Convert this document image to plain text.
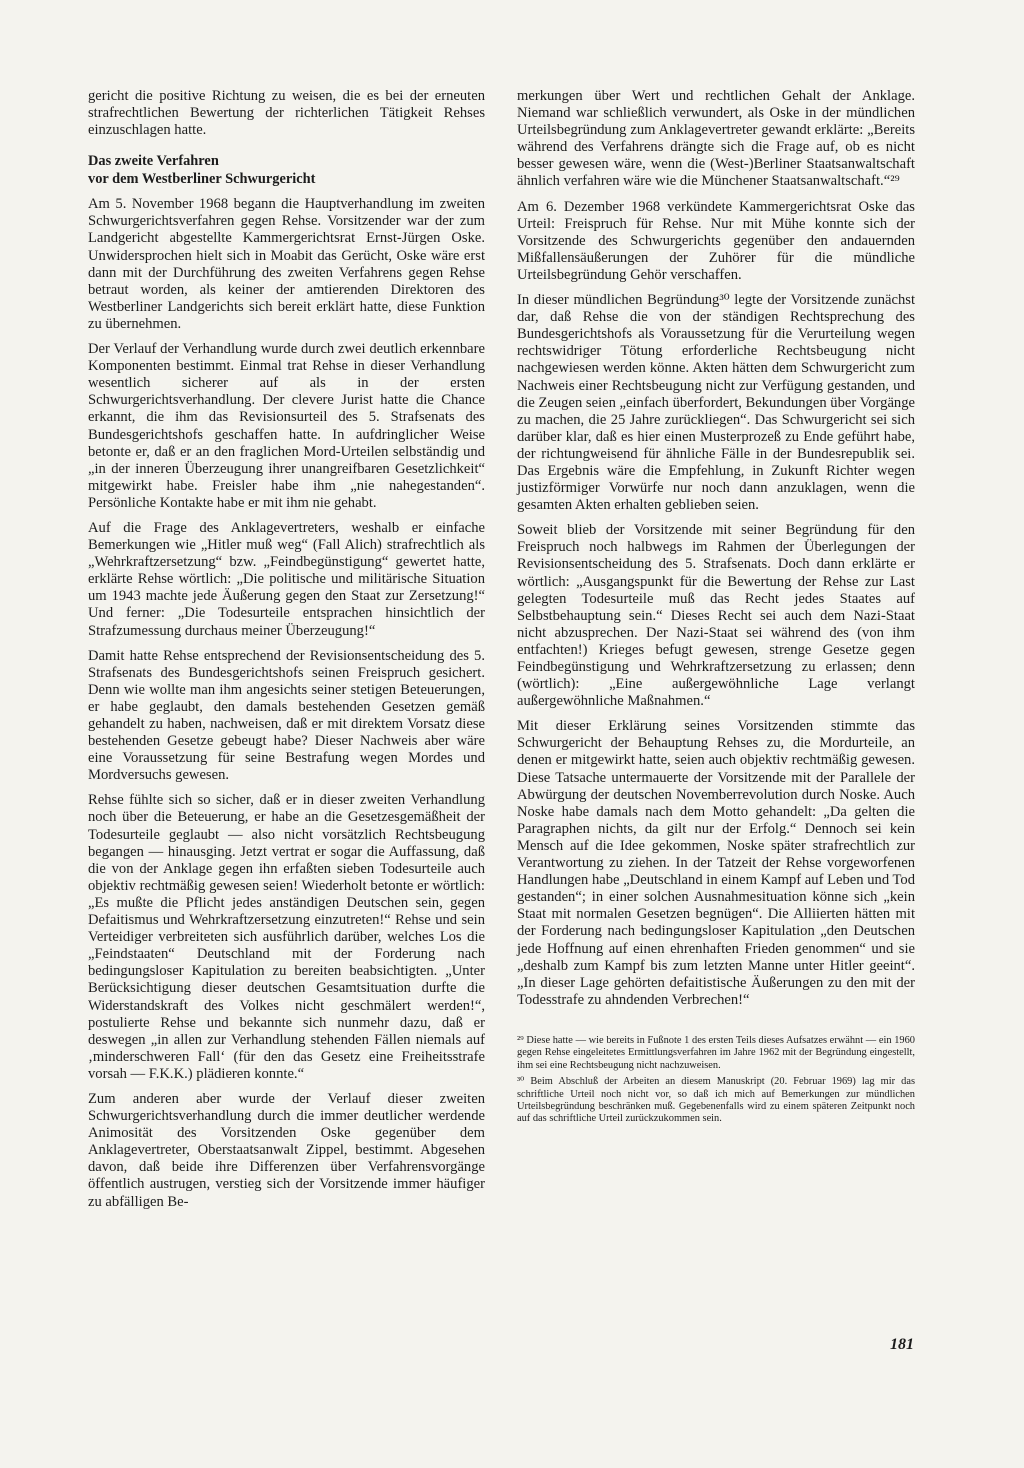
gericht die positive Richtung zu weisen, die es bei der erneuten strafrechtlichen Bewertung der richterlichen Tätigkeit Rehses einzuschlagen hatte.

Das zweite Verfahren
vor dem Westberliner Schwurgericht

Am 5. November 1968 begann die Hauptverhandlung im zweiten Schwurgerichtsverfahren gegen Rehse. Vorsitzender war der zum Landgericht abgestellte Kammergerichtsrat Ernst-Jürgen Oske. Unwidersprochen hielt sich in Moabit das Gerücht, Oske wäre erst dann mit der Durchführung des zweiten Verfahrens gegen Rehse betraut worden, als keiner der amtierenden Direktoren des Westberliner Landgerichts sich bereit erklärt hatte, diese Funktion zu übernehmen.

Der Verlauf der Verhandlung wurde durch zwei deutlich erkennbare Komponenten bestimmt. Einmal trat Rehse in dieser Verhandlung wesentlich sicherer auf als in der ersten Schwurgerichtsverhandlung. Der clevere Jurist hatte die Chance erkannt, die ihm das Revisionsurteil des 5. Strafsenats des Bundesgerichtshofs geschaffen hatte. In aufdringlicher Weise betonte er, daß er an den fraglichen Mord-Urteilen selbständig und „in der inneren Überzeugung ihrer unangreifbaren Gesetzlichkeit“ mitgewirkt habe. Freisler habe ihm „nie nahegestanden“. Persönliche Kontakte habe er mit ihm nie gehabt.

Auf die Frage des Anklagevertreters, weshalb er einfache Bemerkungen wie „Hitler muß weg“ (Fall Alich) strafrechtlich als „Wehrkraftzersetzung“ bzw. „Feindbegünstigung“ gewertet hatte, erklärte Rehse wörtlich: „Die politische und militärische Situation um 1943 machte jede Äußerung gegen den Staat zur Zersetzung!“ Und ferner: „Die Todesurteile entsprachen hinsichtlich der Strafzumessung durchaus meiner Überzeugung!“

Damit hatte Rehse entsprechend der Revisionsentscheidung des 5. Strafsenats des Bundesgerichtshofs seinen Freispruch gesichert. Denn wie wollte man ihm angesichts seiner stetigen Beteuerungen, er habe geglaubt, den damals bestehenden Gesetzen gemäß gehandelt zu haben, nachweisen, daß er mit direktem Vorsatz diese bestehenden Gesetze gebeugt habe? Dieser Nachweis aber wäre eine Voraussetzung für seine Bestrafung wegen Mordes und Mordversuchs gewesen.

Rehse fühlte sich so sicher, daß er in dieser zweiten Verhandlung noch über die Beteuerung, er habe an die Gesetzesgemäßheit der Todesurteile geglaubt — also nicht vorsätzlich Rechtsbeugung begangen — hinausging. Jetzt vertrat er sogar die Auffassung, daß die von der Anklage gegen ihn erfaßten sieben Todesurteile auch objektiv rechtmäßig gewesen seien! Wiederholt betonte er wörtlich: „Es mußte die Pflicht jedes anständigen Deutschen sein, gegen Defaitismus und Wehrkraftzersetzung einzutreten!“ Rehse und sein Verteidiger verbreiteten sich ausführlich darüber, welches Los die „Feindstaaten“ Deutschland mit der Forderung nach bedingungsloser Kapitulation zu bereiten beabsichtigten. „Unter Berücksichtigung dieser deutschen Gesamtsituation durfte die Widerstandskraft des Volkes nicht geschmälert werden!“, postulierte Rehse und bekannte sich nunmehr dazu, daß er deswegen „in allen zur Verhandlung stehenden Fällen niemals auf ‚minderschweren Fall‘ (für den das Gesetz eine Freiheitsstrafe vorsah — F.K.K.) plädieren konnte.“

Zum anderen aber wurde der Verlauf dieser zweiten Schwurgerichtsverhandlung durch die immer deutlicher werdende Animosität des Vorsitzenden Oske gegenüber dem Anklagevertreter, Oberstaatsanwalt Zippel, bestimmt. Abgesehen davon, daß beide ihre Differenzen über Verfahrensvorgänge öffentlich austrugen, verstieg sich der Vorsitzende immer häufiger zu abfälligen Be-

merkungen über Wert und rechtlichen Gehalt der Anklage. Niemand war schließlich verwundert, als Oske in der mündlichen Urteilsbegründung zum Anklagevertreter gewandt erklärte: „Bereits während des Verfahrens drängte sich die Frage auf, ob es nicht besser gewesen wäre, wenn die (West-)Berliner Staatsanwaltschaft ähnlich verfahren wäre wie die Münchener Staatsanwaltschaft.“²⁹

Am 6. Dezember 1968 verkündete Kammergerichtsrat Oske das Urteil: Freispruch für Rehse. Nur mit Mühe konnte sich der Vorsitzende des Schwurgerichts gegenüber den andauernden Mißfallensäußerungen der Zuhörer für die mündliche Urteilsbegründung Gehör verschaffen.

In dieser mündlichen Begründung³⁰ legte der Vorsitzende zunächst dar, daß Rehse die von der ständigen Rechtsprechung des Bundesgerichtshofs als Voraussetzung für die Verurteilung wegen rechtswidriger Tötung erforderliche Rechtsbeugung nicht nachgewiesen werden könne. Akten hätten dem Schwurgericht zum Nachweis einer Rechtsbeugung nicht zur Verfügung gestanden, und die Zeugen seien „einfach überfordert, Bekundungen über Vorgänge zu machen, die 25 Jahre zurückliegen“. Das Schwurgericht sei sich darüber klar, daß es hier einen Musterprozeß zu Ende geführt habe, der richtungweisend für ähnliche Fälle in der Bundesrepublik sei. Das Ergebnis wäre die Empfehlung, in Zukunft Richter wegen justizförmiger Vorwürfe nur noch dann anzuklagen, wenn die gesamten Akten erhalten geblieben seien.

Soweit blieb der Vorsitzende mit seiner Begründung für den Freispruch noch halbwegs im Rahmen der Überlegungen der Revisionsentscheidung des 5. Strafsenats. Doch dann erklärte er wörtlich: „Ausgangspunkt für die Bewertung der Rehse zur Last gelegten Todesurteile muß das Recht jedes Staates auf Selbstbehauptung sein.“ Dieses Recht sei auch dem Nazi-Staat nicht abzusprechen. Der Nazi-Staat sei während des (von ihm entfachten!) Krieges befugt gewesen, strenge Gesetze gegen Feindbegünstigung und Wehrkraftzersetzung zu erlassen; denn (wörtlich): „Eine außergewöhnliche Lage verlangt außergewöhnliche Maßnahmen.“

Mit dieser Erklärung seines Vorsitzenden stimmte das Schwurgericht der Behauptung Rehses zu, die Mordurteile, an denen er mitgewirkt hatte, seien auch objektiv rechtmäßig gewesen. Diese Tatsache untermauerte der Vorsitzende mit der Parallele der Abwürgung der deutschen Novemberrevolution durch Noske. Auch Noske habe damals nach dem Motto gehandelt: „Da gelten die Paragraphen nichts, da gilt nur der Erfolg.“ Dennoch sei kein Mensch auf die Idee gekommen, Noske später strafrechtlich zur Verantwortung zu ziehen. In der Tatzeit der Rehse vorgeworfenen Handlungen habe „Deutschland in einem Kampf auf Leben und Tod gestanden“; in einer solchen Ausnahmesituation könne sich „kein Staat mit normalen Gesetzen begnügen“. Die Alliierten hätten mit der Forderung nach bedingungsloser Kapitulation „den Deutschen jede Hoffnung auf einen ehrenhaften Frieden genommen“ und sie „deshalb zum Kampf bis zum letzten Manne unter Hitler geeint“. „In dieser Lage gehörten defaitistische Äußerungen zu den mit der Todesstrafe zu ahndenden Verbrechen!“

²⁹ Diese hatte — wie bereits in Fußnote 1 des ersten Teils dieses Aufsatzes erwähnt — ein 1960 gegen Rehse eingeleitetes Ermittlungsverfahren im Jahre 1962 mit der Begründung eingestellt, ihm sei eine Rechtsbeugung nicht nachzuweisen.

³⁰ Beim Abschluß der Arbeiten an diesem Manuskript (20. Februar 1969) lag mir das schriftliche Urteil noch nicht vor, so daß ich mich auf Bemerkungen zur mündlichen Urteilsbegründung beschränken muß. Gegebenenfalls wird zu einem späteren Zeitpunkt noch auf das schriftliche Urteil zurückzukommen sein.

181
